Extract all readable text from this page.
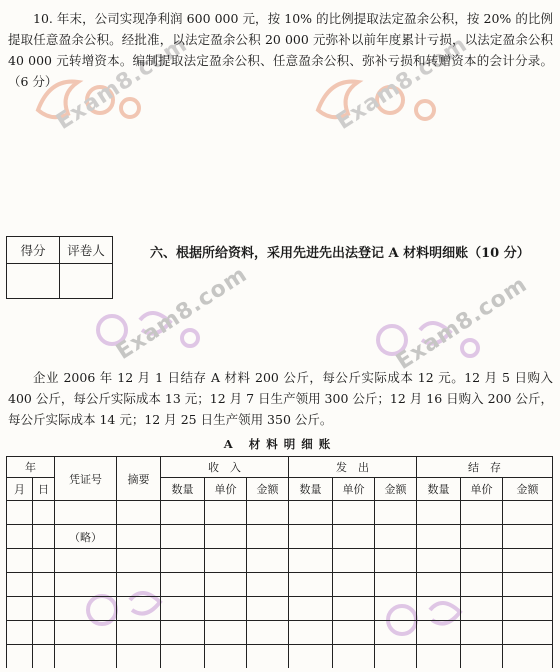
Exam8.com	Exam8.com
Exam8.com	Exam8.com

10. 年末，公司实现净利润 600 000 元，按 10% 的比例提取法定盈余公积，按 20% 的比例提取任意盈余公积。经批准，以法定盈余公积 20 000 元弥补以前年度累计亏损，以法定盈余公积 40 000 元转增资本。编制提取法定盈余公积、任意盈余公积、弥补亏损和转赠资本的会计分录。（6 分）

得分	评卷人
		六、根据所给资料，采用先进先出法登记 A 材料明细账（10 分）

企业 2006 年 12 月 1 日结存 A 材料 200 公斤，每公斤实际成本 12 元。12 月 5 日购入 400 公斤，每公斤实际成本 13 元；12 月 7 日生产领用 300 公斤；12 月 16 日购入 200 公斤，每公斤实际成本 14 元；12 月 25 日生产领用 350 公斤。

A 材料明细账

年		凭证号	摘要	收　入			发　出			结　存		
月	日			数量	单价	金额	数量	单价	金额	数量	单价	金额

		（略）										
